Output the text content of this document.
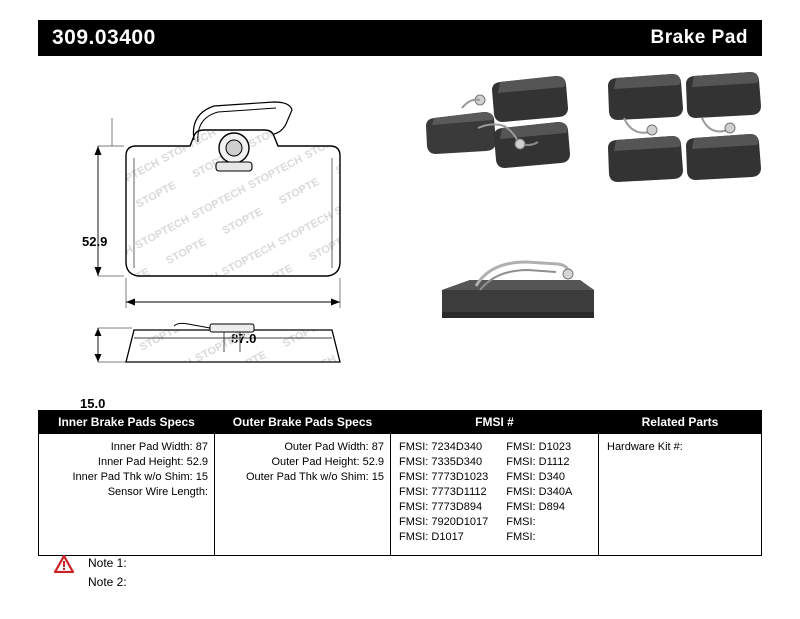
309.03400	Brake Pad
52.9
15.0
Inner Brake Pads Specs
Inner Pad Width: 87
Inner Pad Height: 52.9
Inner Pad Thk w/o Shim: 15
Sensor Wire Length:
Outer Brake Pads Specs
Outer Pad Width: 87
Outer Pad Height: 52.9
Outer Pad Thk w/o Shim: 15
FMSI #
FMSI: 7234D340
FMSI: 7335D340
FMSI: 7773D1023
FMSI: 7773D1112
FMSI: 7773D894
FMSI: 7920D1017
FMSI: D1017
FMSI: D1023
FMSI: D1112
FMSI: D340
FMSI: D340A
FMSI: D894
FMSI:
FMSI:
Related Parts
Hardware Kit #:
Note 1:
Note 2:
